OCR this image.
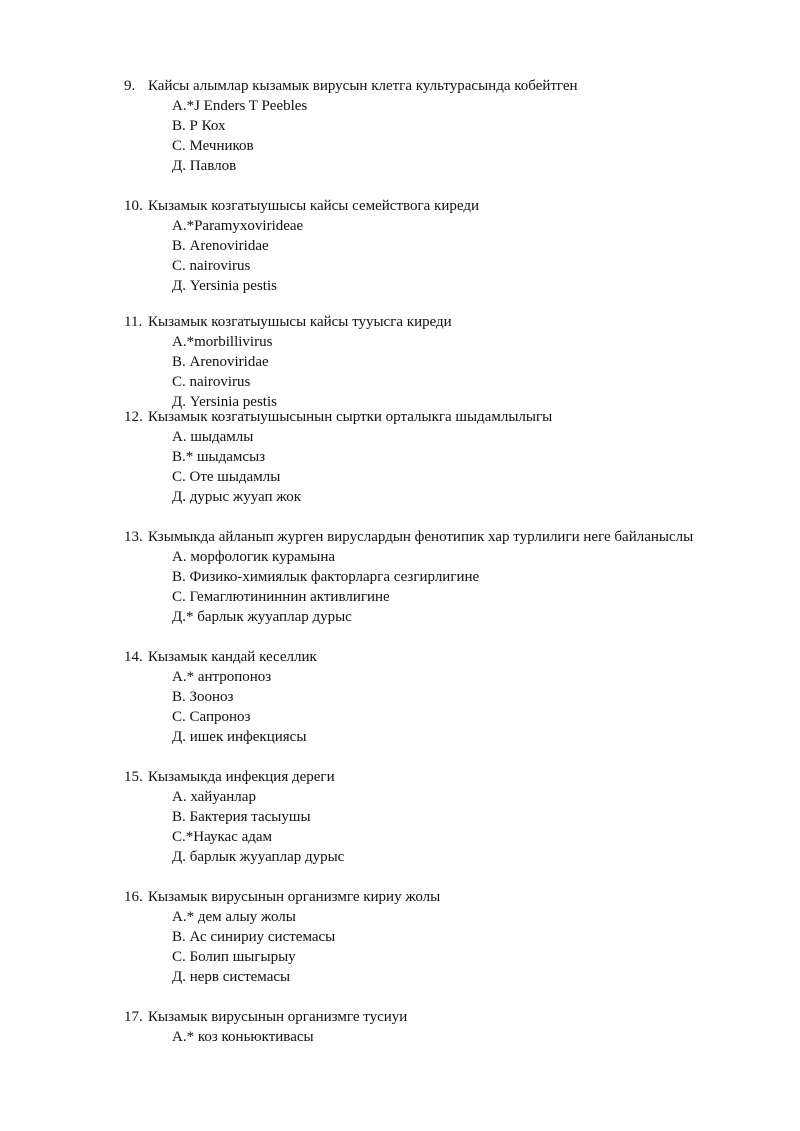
9. Кайсы алымлар кызамык вирусын клетга культурасында кобейтген
А.*J Enders T Peebles
В. Р Кох
С. Мечников
Д. Павлов
10. Кызамык козгатыушысы кайсы семейcтвога киреди
А.*Paramyxovirideae
В. Arenoviridae
С. nairovirus
Д. Yersinia pestis
11. Кызамык козгатыушысы кайсы тууысга киреди
А.*morbillivirus
В. Arenoviridae
С. nairovirus
Д. Yersinia pestis
12. Кызамык козгатыушысынын сыртки орталыкга шыдамлылыгы
А. шыдамлы
В.* шыдамсыз
С. Оте шыдамлы
Д. дурыс жууап жок
13. Кзымыкда айланып журген вируслардын фенотипик хар турлилиги неге байланыслы
А. морфологик курамына
В. Физико-химиялык факторларга сезгирлигине
С. Гемаглютининнин активлигине
Д.* барлык жууаплар дурыс
14. Кызамык кандай кеселлик
А.* антропоноз
В. Зооноз
С. Сапроноз
Д. ишек инфекциясы
15. Кызамыкда инфекция дереги
А. хайуанлар
В. Бактерия тасыушы
С.*Наукас адам
Д. барлык жууаплар дурыс
16. Кызамык вирусынын организмге кириу жолы
А.* дем алыу жолы
В. Ас синириу системасы
С. Болип шыгырыу
Д. нерв системасы
17. Кызамык вирусынын организмге тусиуи
А.* коз коньюктивасы
